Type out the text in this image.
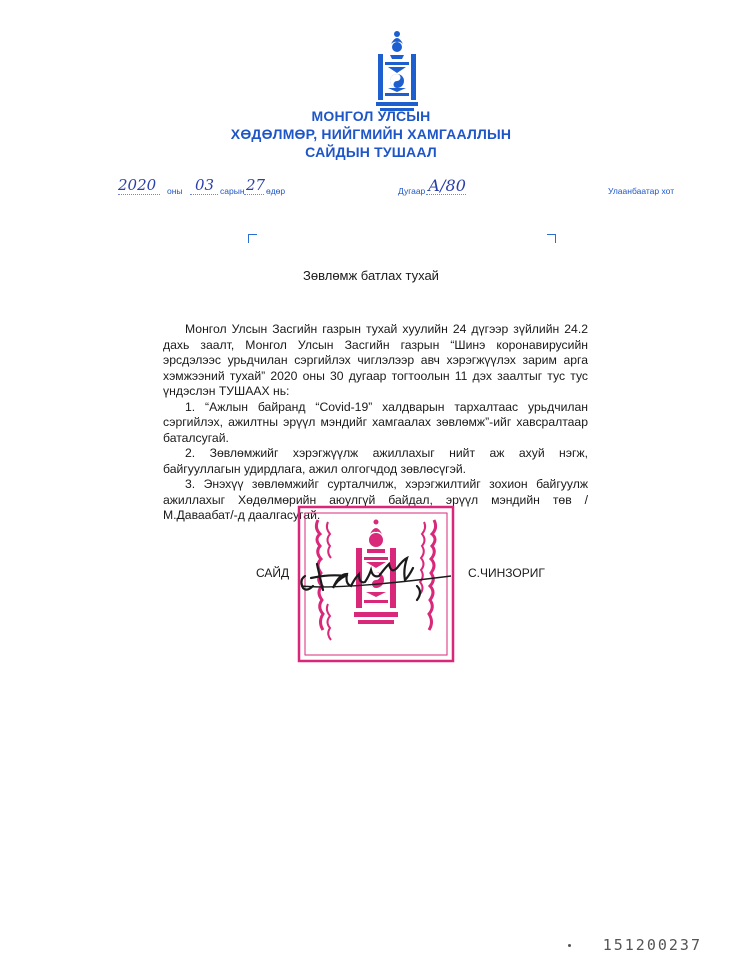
МОНГОЛ УЛСЫН
ХӨДӨЛМӨР, НИЙГМИЙН ХАМГААЛЛЫН
САЙДЫН ТУШААЛ
2020 оны 03 сарын 27 өдөр	Дугаар А/80	Улаанбаатар хот
Зөвлөмж батлах тухай

Монгол Улсын Засгийн газрын тухай хуулийн 24 дүгээр зүйлийн 24.2 дахь заалт, Монгол Улсын Засгийн газрын “Шинэ коронавирусийн эрсдэлээс урьдчилан сэргийлэх чиглэлээр авч хэрэгжүүлэх зарим арга хэмжээний тухай” 2020 оны 30 дугаар тогтоолын 11 дэх заалтыг тус тус үндэслэн ТУШААХ нь:

1. “Ажлын байранд “Covid-19” халдварын тархалтаас урьдчилан сэргийлэх, ажилтны эрүүл мэндийг хамгаалах зөвлөмж”-ийг хавсралтаар баталсугай.

2. Зөвлөмжийг хэрэгжүүлж ажиллахыг нийт аж ахуй нэгж, байгууллагын удирдлага, ажил олгогчдод зөвлөсүгэй.

3. Энэхүү зөвлөмжийг сурталчилж, хэрэгжилтийг зохион байгуулж ажиллахыг Хөдөлмөрийн аюулгүй байдал, эрүүл мэндийн төв /М.Даваабат/-д даалгасугай.

САЙД	С.ЧИНЗОРИГ
151200237
